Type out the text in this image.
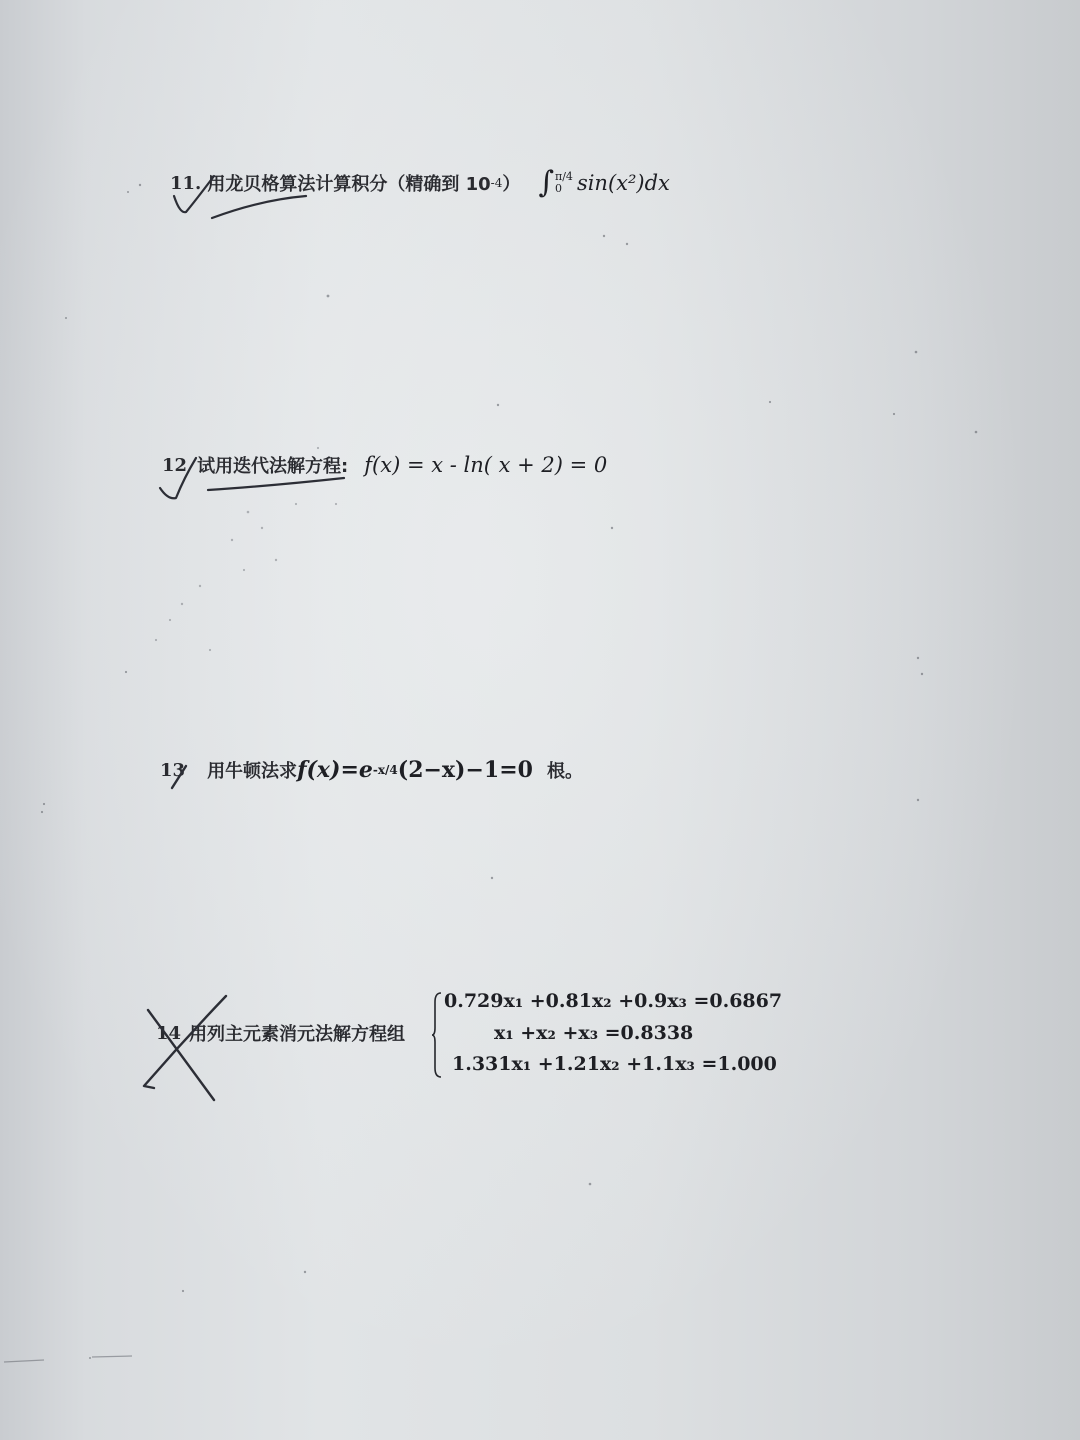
11. 用龙贝格算法计算积分（精确到 10 -4 ） ∫ π/4
0 sin(x²)dx
12 试用迭代法解方程: f(x) = x - ln( x + 2) = 0
13 用牛顿法求 f(x)=e -x/4 (2−x)−1=0 根。
14 用列主元素消元法解方程组
0.729x₁ +0.81x₂ +0.9x₃ =0.6867
x₁ +x₂ +x₃ =0.8338
1.331x₁ +1.21x₂ +1.1x₃ =1.000
